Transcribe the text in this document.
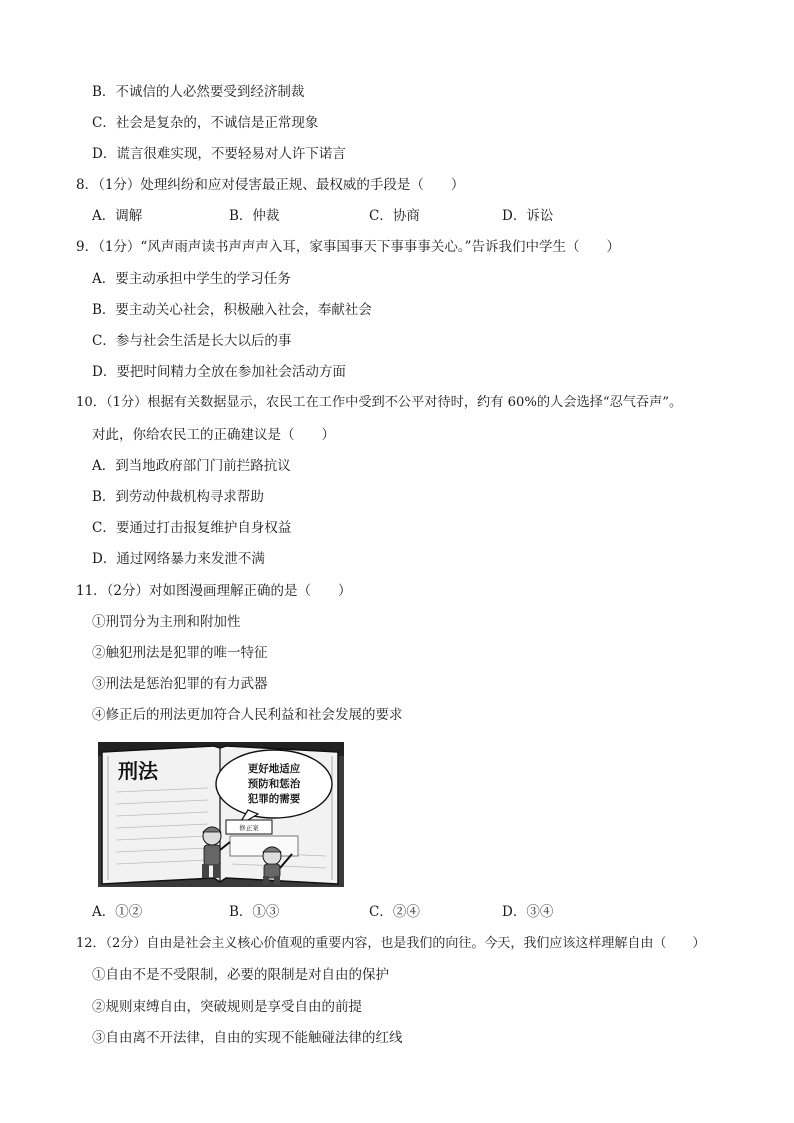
B．不诚信的人必然要受到经济制裁
C．社会是复杂的，不诚信是正常现象
D．谎言很难实现，不要轻易对人许下诺言
8．（1分）处理纠纷和应对侵害最正规、最权威的手段是（　　）
A．调解	B．仲裁	C．协商	D．诉讼
9．（1分）“风声雨声读书声声声入耳，家事国事天下事事事关心。”告诉我们中学生（　　）
A．要主动承担中学生的学习任务
B．要主动关心社会，积极融入社会，奉献社会
C．参与社会生活是长大以后的事
D．要把时间精力全放在参加社会活动方面
10．（1分）根据有关数据显示，农民工在工作中受到不公平对待时，约有 60%的人会选择“忍气吞声”。
对此，你给农民工的正确建议是（　　）
A．到当地政府部门门前拦路抗议
B．到劳动仲裁机构寻求帮助
C．要通过打击报复维护自身权益
D．通过网络暴力来发泄不满
11．（2分）对如图漫画理解正确的是（　　）
①刑罚分为主刑和附加性
②触犯刑法是犯罪的唯一特征
③刑法是惩治犯罪的有力武器
④修正后的刑法更加符合人民利益和社会发展的要求
刑法	更好地适应
预防和惩治
犯罪的需要
修正案
A．①②	B．①③	C．②④	D．③④
12．（2分）自由是社会主义核心价值观的重要内容，也是我们的向往。今天，我们应该这样理解自由（　　）
①自由不是不受限制，必要的限制是对自由的保护
②规则束缚自由，突破规则是享受自由的前提
③自由离不开法律，自由的实现不能触碰法律的红线
